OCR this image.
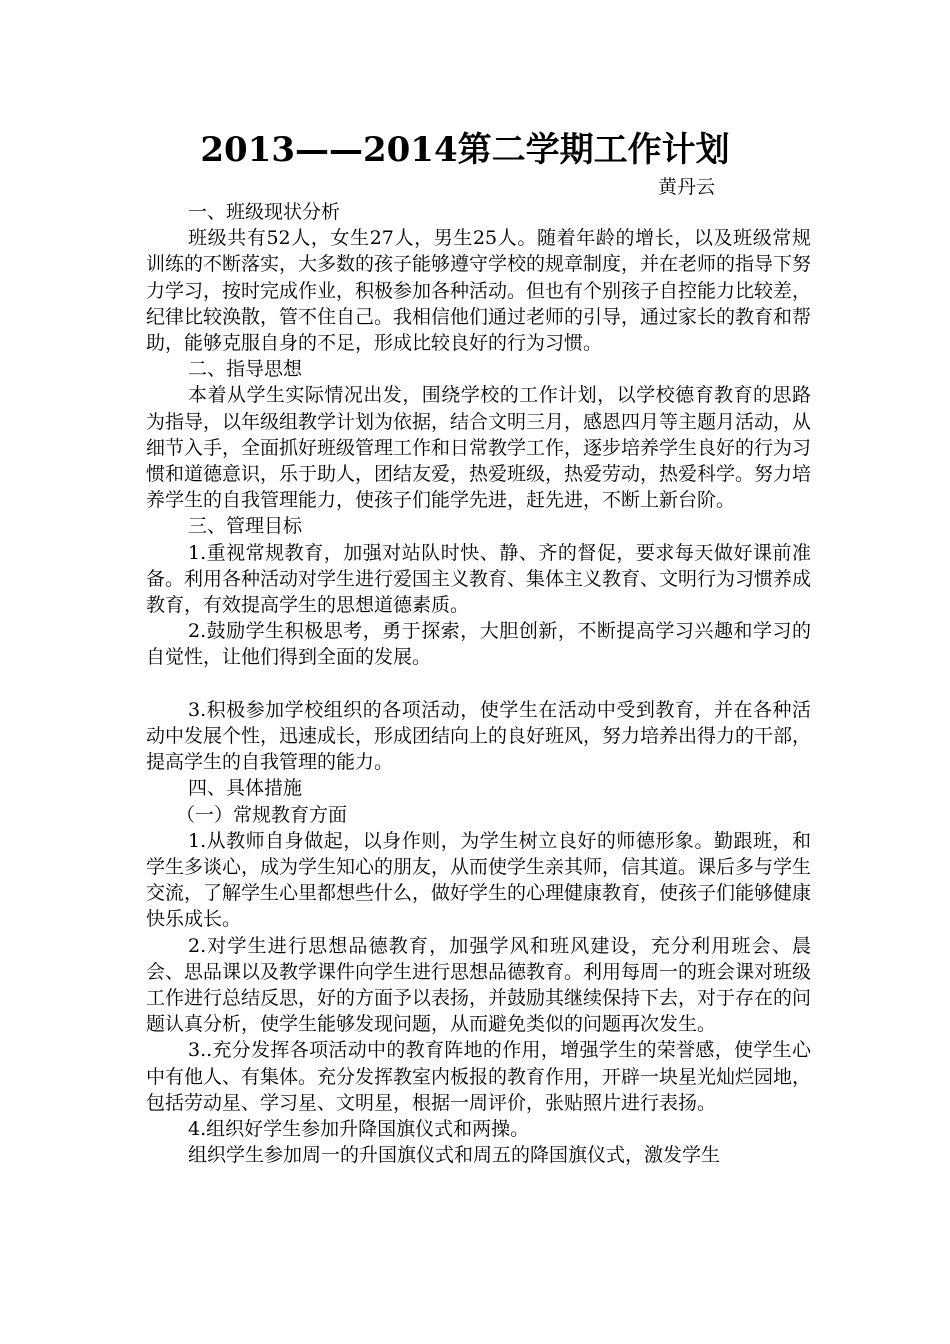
2013——2014第二学期工作计划
黄丹云

一、班级现状分析

班级共有52人，女生27人，男生25人。随着年龄的增长，以及班级常规训练的不断落实，大多数的孩子能够遵守学校的规章制度，并在老师的指导下努力学习，按时完成作业，积极参加各种活动。但也有个别孩子自控能力比较差，纪律比较涣散，管不住自己。我相信他们通过老师的引导，通过家长的教育和帮助，能够克服自身的不足，形成比较良好的行为习惯。

二、指导思想

本着从学生实际情况出发，围绕学校的工作计划，以学校德育教育的思路为指导，以年级组教学计划为依据，结合文明三月，感恩四月等主题月活动，从细节入手，全面抓好班级管理工作和日常教学工作，逐步培养学生良好的行为习惯和道德意识，乐于助人，团结友爱，热爱班级，热爱劳动，热爱科学。努力培养学生的自我管理能力，使孩子们能学先进，赶先进，不断上新台阶。

三、管理目标

1.重视常规教育，加强对站队时快、静、齐的督促，要求每天做好课前准备。利用各种活动对学生进行爱国主义教育、集体主义教育、文明行为习惯养成教育，有效提高学生的思想道德素质。

2.鼓励学生积极思考，勇于探索，大胆创新，不断提高学习兴趣和学习的自觉性，让他们得到全面的发展。

3.积极参加学校组织的各项活动，使学生在活动中受到教育，并在各种活动中发展个性，迅速成长，形成团结向上的良好班风，努力培养出得力的干部，提高学生的自我管理的能力。

四、具体措施

（一）常规教育方面

1.从教师自身做起，以身作则，为学生树立良好的师德形象。勤跟班，和学生多谈心，成为学生知心的朋友，从而使学生亲其师，信其道。课后多与学生交流，了解学生心里都想些什么，做好学生的心理健康教育，使孩子们能够健康快乐成长。

2.对学生进行思想品德教育，加强学风和班风建设，充分利用班会、晨会、思品课以及教学课件向学生进行思想品德教育。利用每周一的班会课对班级工作进行总结反思，好的方面予以表扬，并鼓励其继续保持下去，对于存在的问题认真分析，使学生能够发现问题，从而避免类似的问题再次发生。

3..充分发挥各项活动中的教育阵地的作用，增强学生的荣誉感，使学生心中有他人、有集体。充分发挥教室内板报的教育作用，开辟一块星光灿烂园地，包括劳动星、学习星、文明星，根据一周评价，张贴照片进行表扬。

4.组织好学生参加升降国旗仪式和两操。

组织学生参加周一的升国旗仪式和周五的降国旗仪式，激发学生
